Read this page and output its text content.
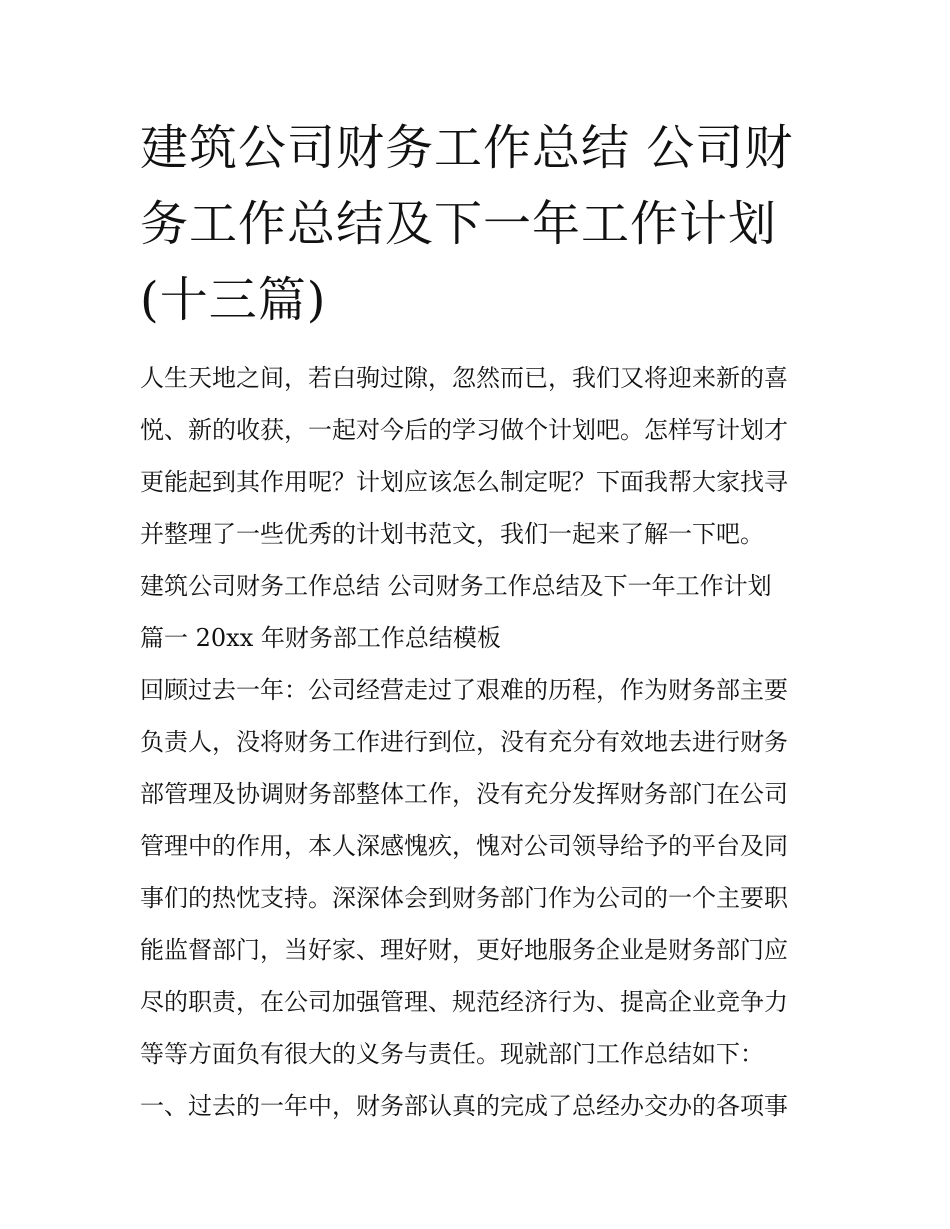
建筑公司财务工作总结 公司财
务工作总结及下一年工作计划
(十三篇)
人生天地之间，若白驹过隙，忽然而已，我们又将迎来新的喜
悦、新的收获，一起对今后的学习做个计划吧。怎样写计划才
更能起到其作用呢？计划应该怎么制定呢？下面我帮大家找寻
并整理了一些优秀的计划书范文，我们一起来了解一下吧。
建筑公司财务工作总结 公司财务工作总结及下一年工作计划
篇一 20xx 年财务部工作总结模板
回顾过去一年：公司经营走过了艰难的历程，作为财务部主要
负责人，没将财务工作进行到位，没有充分有效地去进行财务
部管理及协调财务部整体工作，没有充分发挥财务部门在公司
管理中的作用，本人深感愧疚，愧对公司领导给予的平台及同
事们的热忱支持。深深体会到财务部门作为公司的一个主要职
能监督部门，当好家、理好财，更好地服务企业是财务部门应
尽的职责，在公司加强管理、规范经济行为、提高企业竞争力
等等方面负有很大的义务与责任。现就部门工作总结如下：
一、过去的一年中，财务部认真的完成了总经办交办的各项事
